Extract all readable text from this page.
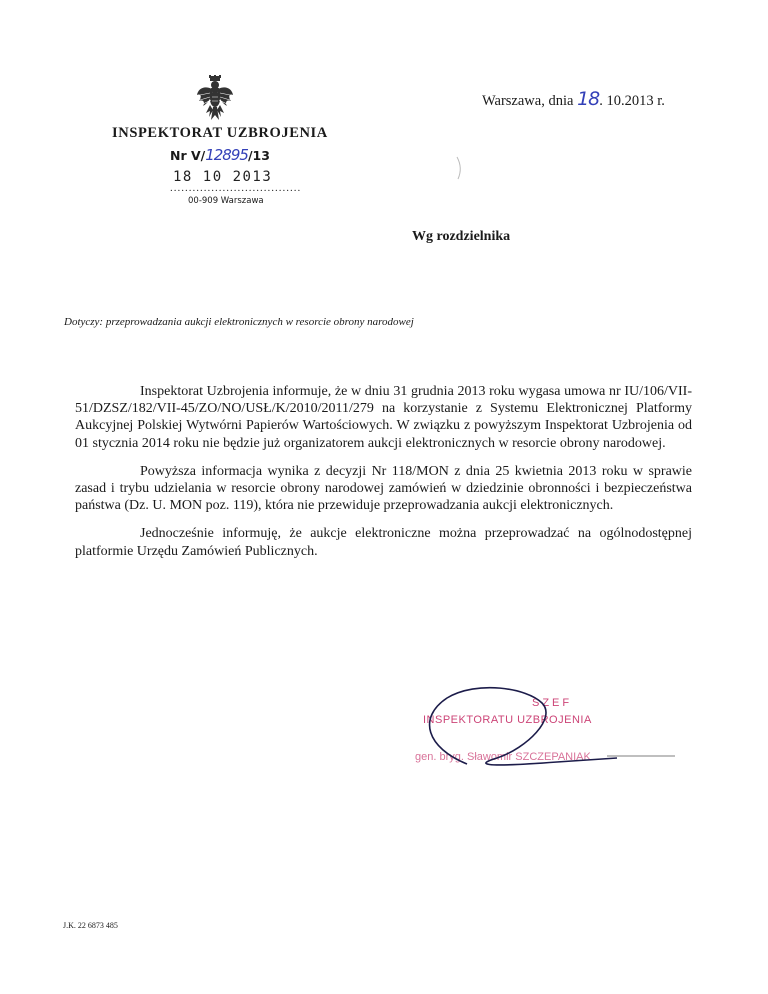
Warszawa, dnia 18. 10.2013 r.
INSPEKTORAT UZBROJENIA
Nr V/12895/13
18 10 2013
...................................
00-909 Warszawa
Wg rozdzielnika
Dotyczy: przeprowadzania aukcji elektronicznych w resorcie obrony narodowej

Inspektorat Uzbrojenia informuje, że w dniu 31 grudnia 2013 roku wygasa umowa nr IU/106/VII-51/DZSZ/182/VII-45/ZO/NO/USŁ/K/2010/2011/279 na korzystanie z Systemu Elektronicznej Platformy Aukcyjnej Polskiej Wytwórni Papierów Wartościowych. W związku z powyższym Inspektorat Uzbrojenia od 01 stycznia 2014 roku nie będzie już organizatorem aukcji elektronicznych w resorcie obrony narodowej.

Powyższa informacja wynika z decyzji Nr 118/MON z dnia 25 kwietnia 2013 roku w sprawie zasad i trybu udzielania w resorcie obrony narodowej zamówień w dziedzinie obronności i bezpieczeństwa państwa (Dz. U. MON poz. 119), która nie przewiduje przeprowadzania aukcji elektronicznych.

Jednocześnie informuję, że aukcje elektroniczne można przeprowadzać na ogólnodostępnej platformie Urzędu Zamówień Publicznych.

SZEF
INSPEKTORATU UZBROJENIA
gen. bryg. Sławomir SZCZEPANIAK
J.K. 22 6873 485
